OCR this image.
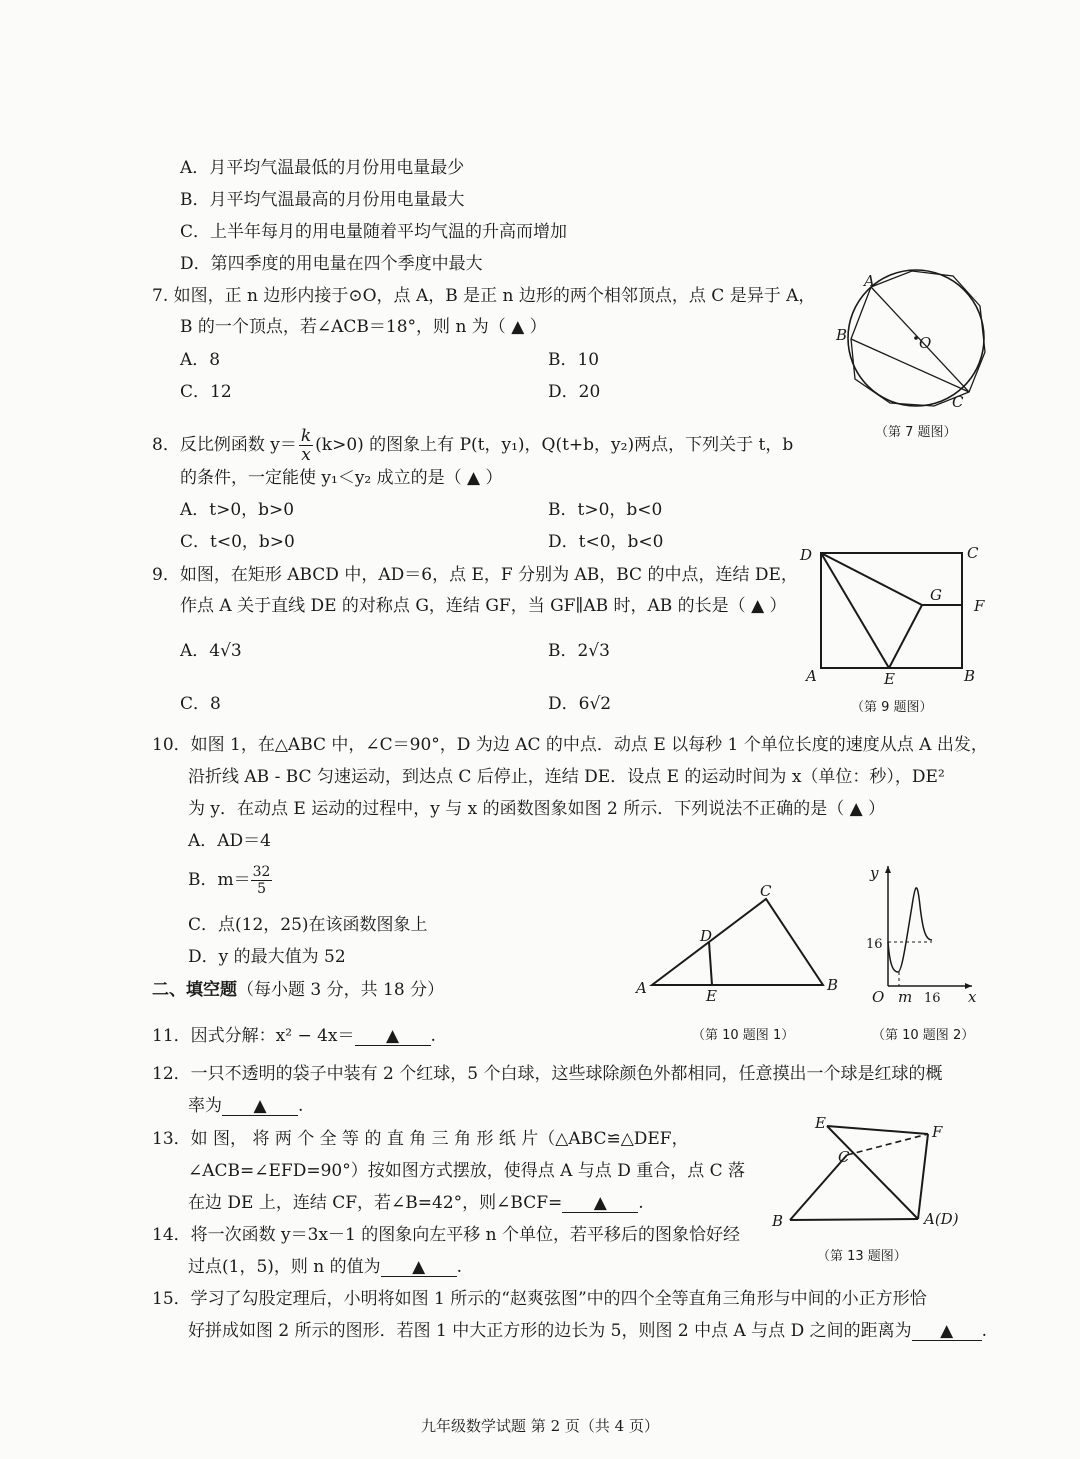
A．月平均气温最低的月份用电量最少
B．月平均气温最高的月份用电量最大
C．上半年每月的用电量随着平均气温的升高而增加
D．第四季度的用电量在四个季度中最大
7. 如图，正 n 边形内接于⊙O，点 A，B 是正 n 边形的两个相邻顶点，点 C 是异于 A，
B 的一个顶点，若∠ACB＝18°，则 n 为（ ▲ ）
A．8	B．10
C．12	D．20
A
B
C
O
（第 7 题图）
8．反比例函数 $y= \frac{k}{x} (k>0)$ 的图象上有 P(t，y₁)，Q(t+b，y₂)两点，下列关于 t，b
的条件，一定能使 y₁＜y₂ 成立的是（ ▲ ）
A．t>0，b>0	B．t>0，b<0
C．t<0，b>0	D．t<0，b<0
9．如图，在矩形 ABCD 中，AD＝6，点 E，F 分别为 AB，BC 的中点，连结 DE，
作点 A 关于直线 DE 的对称点 G，连结 GF，当 GF∥AB 时，AB 的长是（ ▲ ）
A．4√3	B．2√3
C．8	D．6√2
D	C
G
F
A	E	B
（第 9 题图）
10．如图 1，在△ABC 中，∠C＝90°，D 为边 AC 的中点．动点 E 以每秒 1 个单位长度的速度从点 A 出发，
沿折线 AB - BC 匀速运动，到达点 C 后停止，连结 DE．设点 E 的运动时间为 x（单位：秒），DE²
为 y．在动点 E 运动的过程中，y 与 x 的函数图象如图 2 所示．下列说法不正确的是（ ▲ ）
A．AD＝4
B．$m= \frac{32}{5}$
C．点(12，25)在该函数图象上
D．y 的最大值为 52
A
C
B
D
E
（第 10 题图 1）
y
16
O m 16 x
（第 10 题图 2）
二、填空题（每小题 3 分，共 18 分）
11．因式分解：x² − 4x＝ ▲ .
12．一只不透明的袋子中装有 2 个红球，5 个白球，这些球除颜色外都相同，任意摸出一个球是红球的概
率为 ▲ .
13．如 图， 将 两 个 全 等 的 直 角 三 角 形 纸 片（△ABC≌△DEF，
∠ACB=∠EFD=90°）按如图方式摆放，使得点 A 与点 D 重合，点 C 落
在边 DE 上，连结 CF，若∠B=42°，则∠BCF= ▲ .
E	F
C
B	A(D)
（第 13 题图）
14．将一次函数 y＝3x－1 的图象向左平移 n 个单位，若平移后的图象恰好经
过点(1，5)，则 n 的值为 ▲ .
15．学习了勾股定理后，小明将如图 1 所示的“赵爽弦图”中的四个全等直角三角形与中间的小正方形恰
好拼成如图 2 所示的图形．若图 1 中大正方形的边长为 5，则图 2 中点 A 与点 D 之间的距离为 ▲ .
九年级数学试题 第 2 页（共 4 页）
